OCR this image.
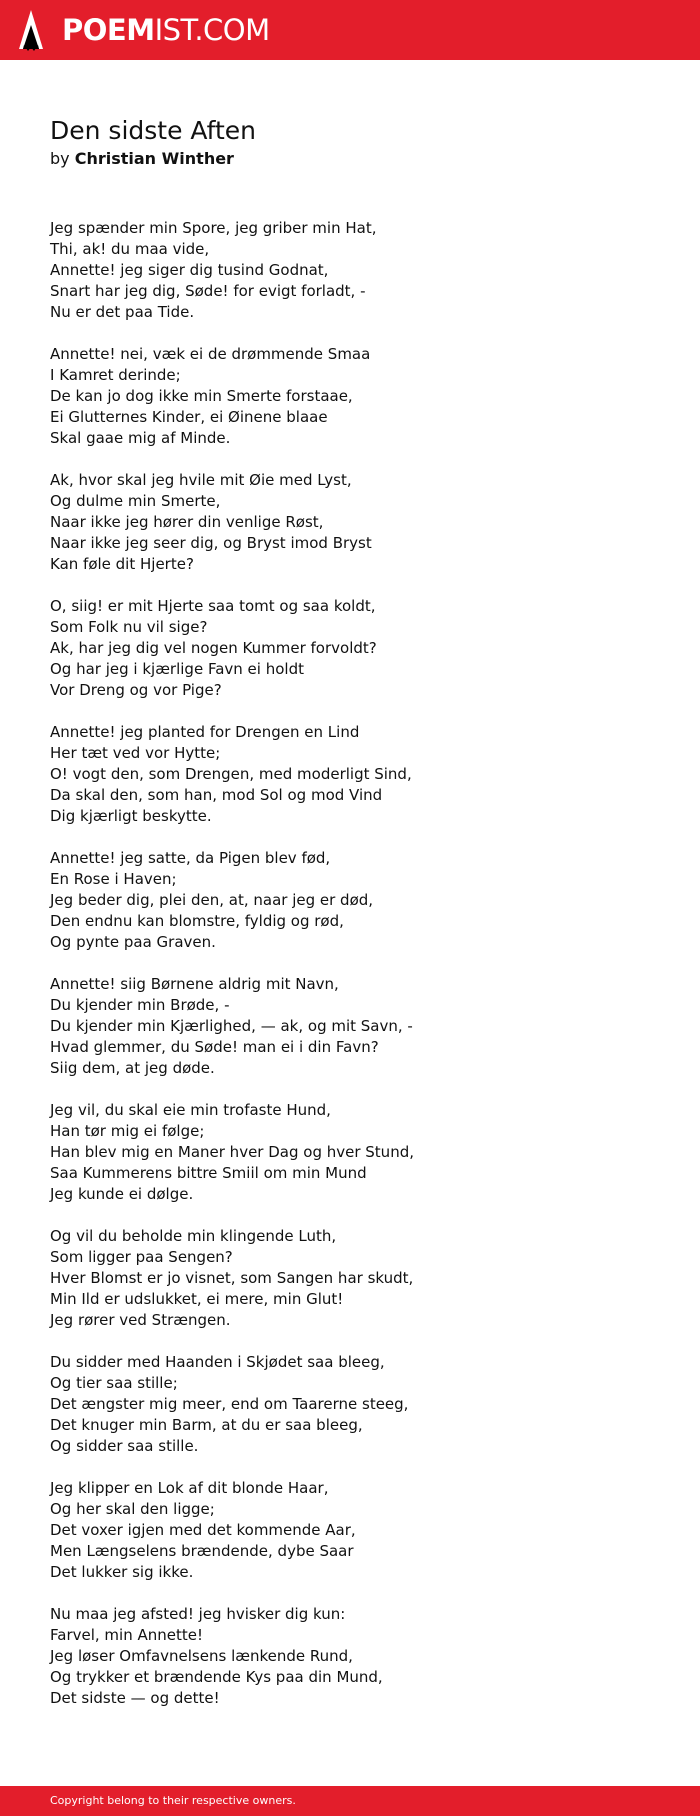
POEMIST.COM
Den sidste Aften
by Christian Winther
Jeg spænder min Spore, jeg griber min Hat,
Thi, ak! du maa vide,
Annette! jeg siger dig tusind Godnat,
Snart har jeg dig, Søde! for evigt forladt, -
Nu er det paa Tide.
Annette! nei, væk ei de drømmende Smaa
I Kamret derinde;
De kan jo dog ikke min Smerte forstaae,
Ei Glutternes Kinder, ei Øinene blaae
Skal gaae mig af Minde.
Ak, hvor skal jeg hvile mit Øie med Lyst,
Og dulme min Smerte,
Naar ikke jeg hører din venlige Røst,
Naar ikke jeg seer dig, og Bryst imod Bryst
Kan føle dit Hjerte?
O, siig! er mit Hjerte saa tomt og saa koldt,
Som Folk nu vil sige?
Ak, har jeg dig vel nogen Kummer forvoldt?
Og har jeg i kjærlige Favn ei holdt
Vor Dreng og vor Pige?
Annette! jeg planted for Drengen en Lind
Her tæt ved vor Hytte;
O! vogt den, som Drengen, med moderligt Sind,
Da skal den, som han, mod Sol og mod Vind
Dig kjærligt beskytte.
Annette! jeg satte, da Pigen blev fød,
En Rose i Haven;
Jeg beder dig, plei den, at, naar jeg er død,
Den endnu kan blomstre, fyldig og rød,
Og pynte paa Graven.
Annette! siig Børnene aldrig mit Navn,
Du kjender min Brøde, -
Du kjender min Kjærlighed, — ak, og mit Savn, -
Hvad glemmer, du Søde! man ei i din Favn?
Siig dem, at jeg døde.
Jeg vil, du skal eie min trofaste Hund,
Han tør mig ei følge;
Han blev mig en Maner hver Dag og hver Stund,
Saa Kummerens bittre Smiil om min Mund
Jeg kunde ei dølge.
Og vil du beholde min klingende Luth,
Som ligger paa Sengen?
Hver Blomst er jo visnet, som Sangen har skudt,
Min Ild er udslukket, ei mere, min Glut!
Jeg rører ved Strængen.
Du sidder med Haanden i Skjødet saa bleeg,
Og tier saa stille;
Det ængster mig meer, end om Taarerne steeg,
Det knuger min Barm, at du er saa bleeg,
Og sidder saa stille.
Jeg klipper en Lok af dit blonde Haar,
Og her skal den ligge;
Det voxer igjen med det kommende Aar,
Men Længselens brændende, dybe Saar
Det lukker sig ikke.
Nu maa jeg afsted! jeg hvisker dig kun:
Farvel, min Annette!
Jeg løser Omfavnelsens lænkende Rund,
Og trykker et brændende Kys paa din Mund,
Det sidste — og dette!
Copyright belong to their respective owners.
